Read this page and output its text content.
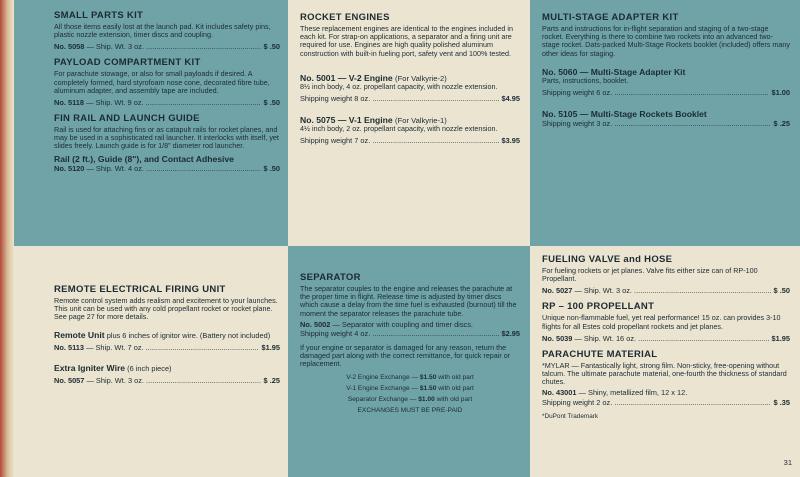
SMALL PARTS KIT

All those items easily lost at the launch pad. Kit includes safety pins, plastic nozzle extension, timer discs and coupling.

No. 5058 — Ship. Wt. 3 oz. .....	$ .50
PAYLOAD COMPARTMENT KIT

For parachute stowage, or also for small payloads if desired. A completely formed, hard styrofoam nose cone, decorated fibre tube, aluminum adapter, and assembly tape are included.

No. 5118 — Ship. Wt. 9 oz. .....	$ .50
FIN RAIL AND LAUNCH GUIDE

Rail is used for attaching fins or as catapult rails for rocket planes, and may be used in a sophisticated rail launcher. It interlocks with itself, yet slides freely. Launch guide is for 1/8" diameter rod launcher.

Rail (2 ft.), Guide (8"), and Contact Adhesive
No. 5120 — Ship. Wt. 4 oz. .....	$ .50
ROCKET ENGINES

These replacement engines are identical to the engines included in each kit. For strap-on applications, a separator and a firing unit are required for use. Engines are high quality polished aluminum construction with built-in fueling port, safety vent and 100% tested.

No. 5001 — V-2 Engine (For Valkyrie-2)

8½ inch body, 4 oz. propellant capacity, with nozzle extension.

Shipping weight 8 oz. .....	$4.95
No. 5075 — V-1 Engine (For Valkyrie-1)

4½ inch body, 2 oz. propellant capacity, with nozzle extension.

Shipping weight 7 oz. .....	$3.95
MULTI-STAGE ADAPTER KIT

Parts and instructions for in-flight separation and staging of a two-stage rocket. Everything is there to combine two rockets into an advanced two-stage rocket. Dats-packed Multi-Stage Rockets booklet (included) offers many other ideas for staging.

No. 5060 — Multi-Stage Adapter Kit

Parts, instructions, booklet.

Shipping weight 6 oz. .....	$1.00
No. 5105 — Multi-Stage Rockets Booklet
Shipping weight 3 oz. .....	$ .25
REMOTE ELECTRICAL FIRING UNIT

Remote control system adds realism and excitement to your launches. This unit can be used with any cold propellant rocket or rocket plane. See page 27 for more details.

Remote Unit plus 6 inches of ignitor wire. (Battery not included)

No. 5113 — Ship. Wt. 7 oz. .....	$1.95

Extra Igniter Wire (6 inch piece)

No. 5057 — Ship. Wt. 3 oz. .....	$ .25
SEPARATOR

The separator couples to the engine and releases the parachute at the proper time in flight. Release time is adjusted by timer discs which cause a delay from the time fuel is exhausted (burnout) till the moment the separator releases the parachute tube.

No. 5002 — Separator with coupling and timer discs.

Shipping weight 4 oz. .....	$2.95

If your engine or separator is damaged for any reason, return the damaged part along with the correct remittance, for quick repair or replacement.

V-2 Engine Exchange — $1.50 with old part
V-1 Engine Exchange — $1.50 with old part
Separator Exchange — $1.00 with old part
EXCHANGES MUST BE PRE-PAID
FUELING VALVE and HOSE

For fueling rockets or jet planes. Valve fits either size can of RP-100 Propellant.

No. 5027 — Ship. Wt. 3 oz. .....	$ .50
RP – 100 PROPELLANT

Unique non-flammable fuel, yet real performance! 15 oz. can provides 3-10 flights for all Estes cold propellant rockets and jet planes.

No. 5039 — Ship. Wt. 16 oz. .....	$1.95
PARACHUTE MATERIAL

*MYLAR — Fantastically light, strong film. Non-sticky, free-opening without talcum. The ultimate parachute material, one-fourth the thickness of standard chutes.

No. 43001 — Shiny, metallized film, 12 x 12.

Shipping weight 2 oz. .....	$ .35

*DuPont Trademark

31
